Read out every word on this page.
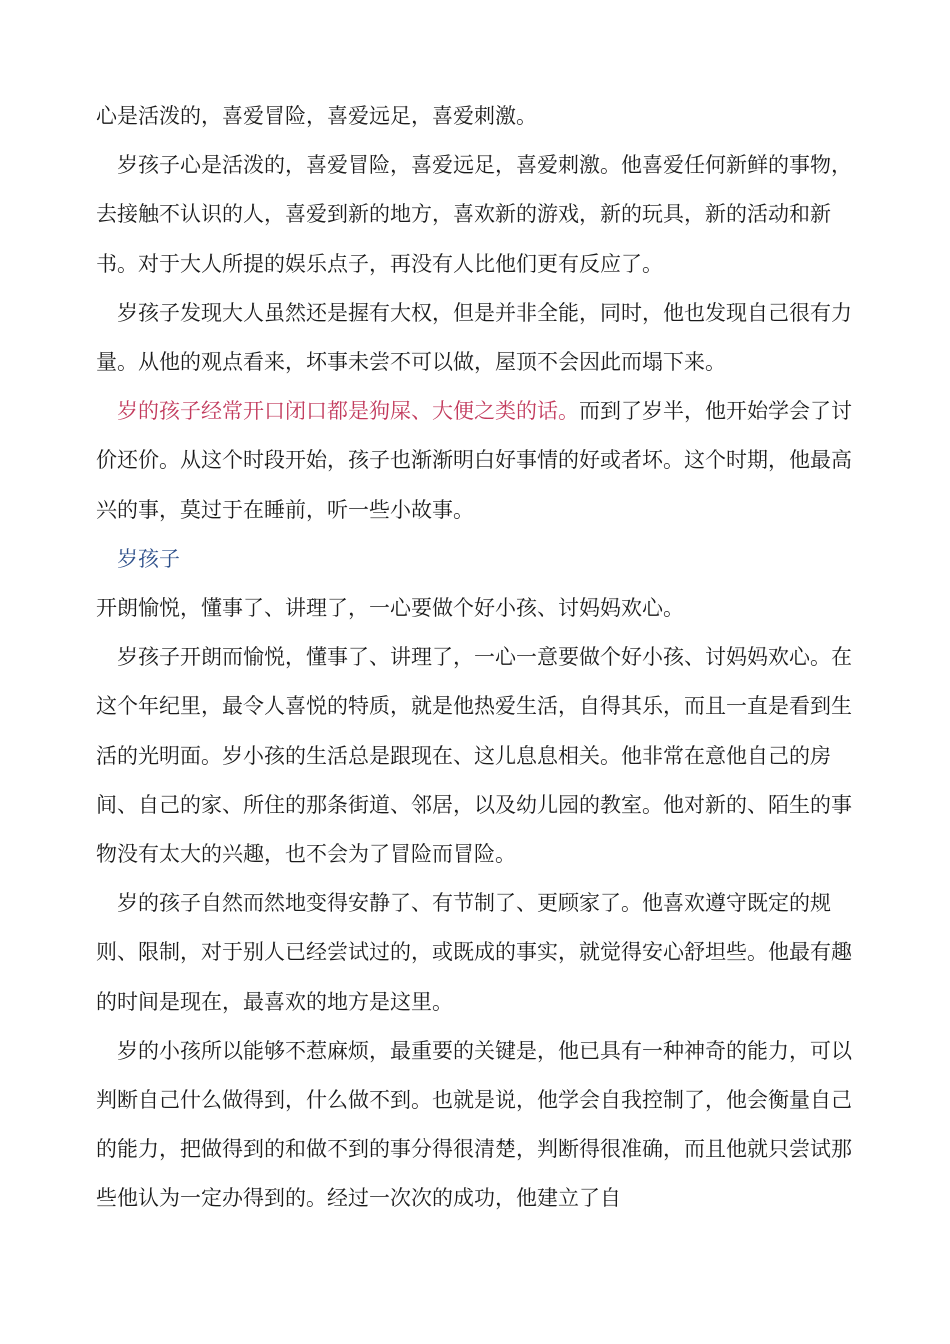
心是活泼的，喜爱冒险，喜爱远足，喜爱刺激。

岁孩子心是活泼的，喜爱冒险，喜爱远足，喜爱刺激。他喜爱任何新鲜的事物，去接触不认识的人，喜爱到新的地方，喜欢新的游戏，新的玩具，新的活动和新书。对于大人所提的娱乐点子，再没有人比他们更有反应了。

岁孩子发现大人虽然还是握有大权，但是并非全能，同时，他也发现自己很有力量。从他的观点看来，坏事未尝不可以做，屋顶不会因此而塌下来。

岁的孩子经常开口闭口都是狗屎、大便之类的话。而到了岁半，他开始学会了讨价还价。从这个时段开始，孩子也渐渐明白好事情的好或者坏。这个时期，他最高兴的事，莫过于在睡前，听一些小故事。

岁孩子

开朗愉悦，懂事了、讲理了，一心要做个好小孩、讨妈妈欢心。

岁孩子开朗而愉悦，懂事了、讲理了，一心一意要做个好小孩、讨妈妈欢心。在这个年纪里，最令人喜悦的特质，就是他热爱生活，自得其乐，而且一直是看到生活的光明面。岁小孩的生活总是跟现在、这儿息息相关。他非常在意他自己的房间、自己的家、所住的那条街道、邻居，以及幼儿园的教室。他对新的、陌生的事物没有太大的兴趣，也不会为了冒险而冒险。

岁的孩子自然而然地变得安静了、有节制了、更顾家了。他喜欢遵守既定的规则、限制，对于别人已经尝试过的，或既成的事实，就觉得安心舒坦些。他最有趣的时间是现在，最喜欢的地方是这里。

岁的小孩所以能够不惹麻烦，最重要的关键是，他已具有一种神奇的能力，可以判断自己什么做得到，什么做不到。也就是说，他学会自我控制了，他会衡量自己的能力，把做得到的和做不到的事分得很清楚，判断得很准确，而且他就只尝试那些他认为一定办得到的。经过一次次的成功，他建立了自
